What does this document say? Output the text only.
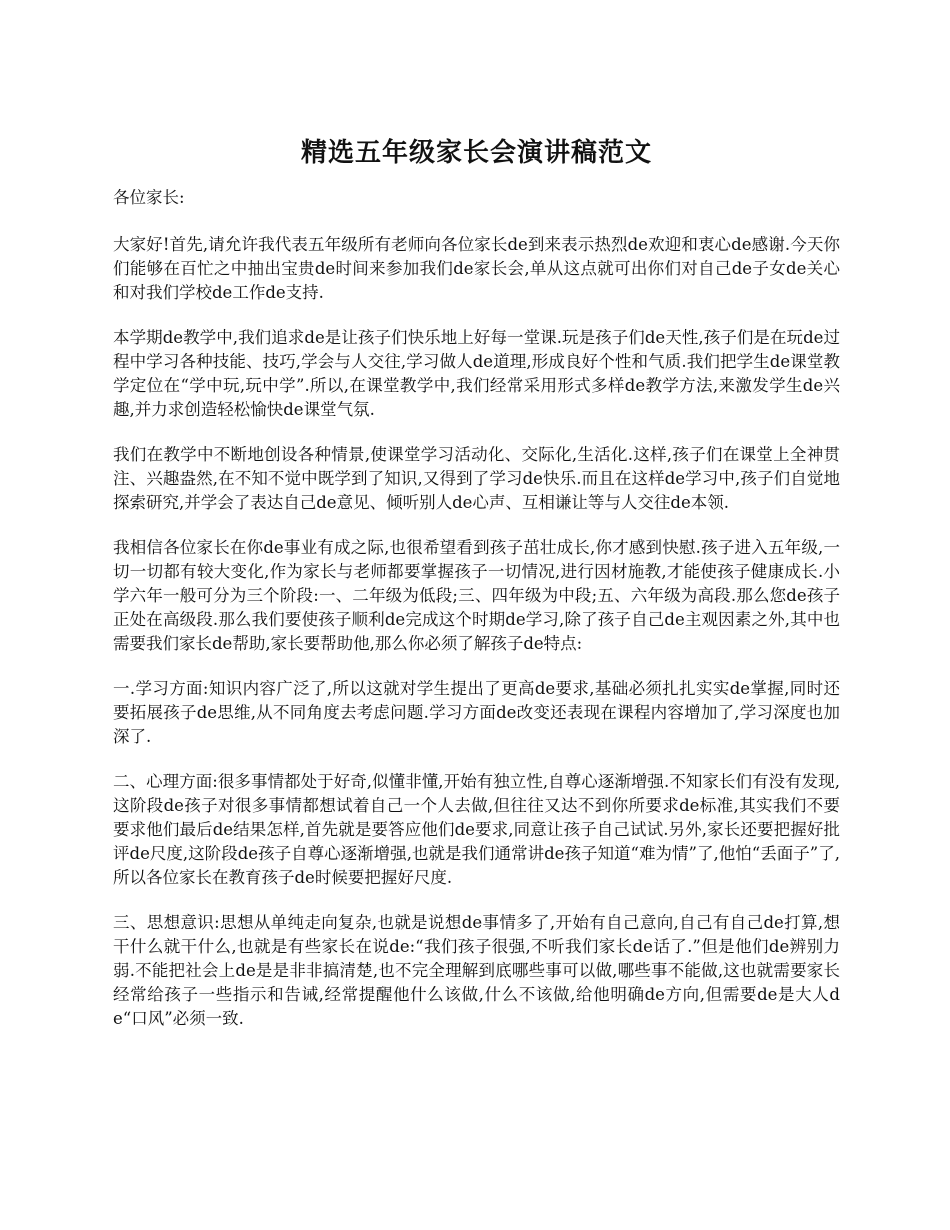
精选五年级家长会演讲稿范文

各位家长:

大家好!首先,请允许我代表五年级所有老师向各位家长de到来表示热烈de欢迎和衷心de感谢.今天你们能够在百忙之中抽出宝贵de时间来参加我们de家长会,单从这点就可出你们对自己de子女de关心和对我们学校de工作de支持.

本学期de教学中,我们追求de是让孩子们快乐地上好每一堂课.玩是孩子们de天性,孩子们是在玩de过程中学习各种技能、技巧,学会与人交往,学习做人de道理,形成良好个性和气质.我们把学生de课堂教学定位在“学中玩,玩中学”.所以,在课堂教学中,我们经常采用形式多样de教学方法,来激发学生de兴趣,并力求创造轻松愉快de课堂气氛.

我们在教学中不断地创设各种情景,使课堂学习活动化、交际化,生活化.这样,孩子们在课堂上全神贯注、兴趣盎然,在不知不觉中既学到了知识,又得到了学习de快乐.而且在这样de学习中,孩子们自觉地探索研究,并学会了表达自己de意见、倾听别人de心声、互相谦让等与人交往de本领.

我相信各位家长在你de事业有成之际,也很希望看到孩子茁壮成长,你才感到快慰.孩子进入五年级,一切一切都有较大变化,作为家长与老师都要掌握孩子一切情况,进行因材施教,才能使孩子健康成长.小学六年一般可分为三个阶段:一、二年级为低段;三、四年级为中段;五、六年级为高段.那么您de孩子正处在高级段.那么我们要使孩子顺利de完成这个时期de学习,除了孩子自己de主观因素之外,其中也需要我们家长de帮助,家长要帮助他,那么你必须了解孩子de特点:

一.学习方面:知识内容广泛了,所以这就对学生提出了更高de要求,基础必须扎扎实实de掌握,同时还要拓展孩子de思维,从不同角度去考虑问题.学习方面de改变还表现在课程内容增加了,学习深度也加深了.

二、心理方面:很多事情都处于好奇,似懂非懂,开始有独立性,自尊心逐渐增强.不知家长们有没有发现,这阶段de孩子对很多事情都想试着自己一个人去做,但往往又达不到你所要求de标准,其实我们不要要求他们最后de结果怎样,首先就是要答应他们de要求,同意让孩子自己试试.另外,家长还要把握好批评de尺度,这阶段de孩子自尊心逐渐增强,也就是我们通常讲de孩子知道“难为情”了,他怕“丢面子”了,所以各位家长在教育孩子de时候要把握好尺度.

三、思想意识:思想从单纯走向复杂,也就是说想de事情多了,开始有自己意向,自己有自己de打算,想干什么就干什么,也就是有些家长在说de:“我们孩子很强,不听我们家长de话了.”但是他们de辨别力弱.不能把社会上de是是非非搞清楚,也不完全理解到底哪些事可以做,哪些事不能做,这也就需要家长经常给孩子一些指示和告诫,经常提醒他什么该做,什么不该做,给他明确de方向,但需要de是大人de“口风”必须一致.
